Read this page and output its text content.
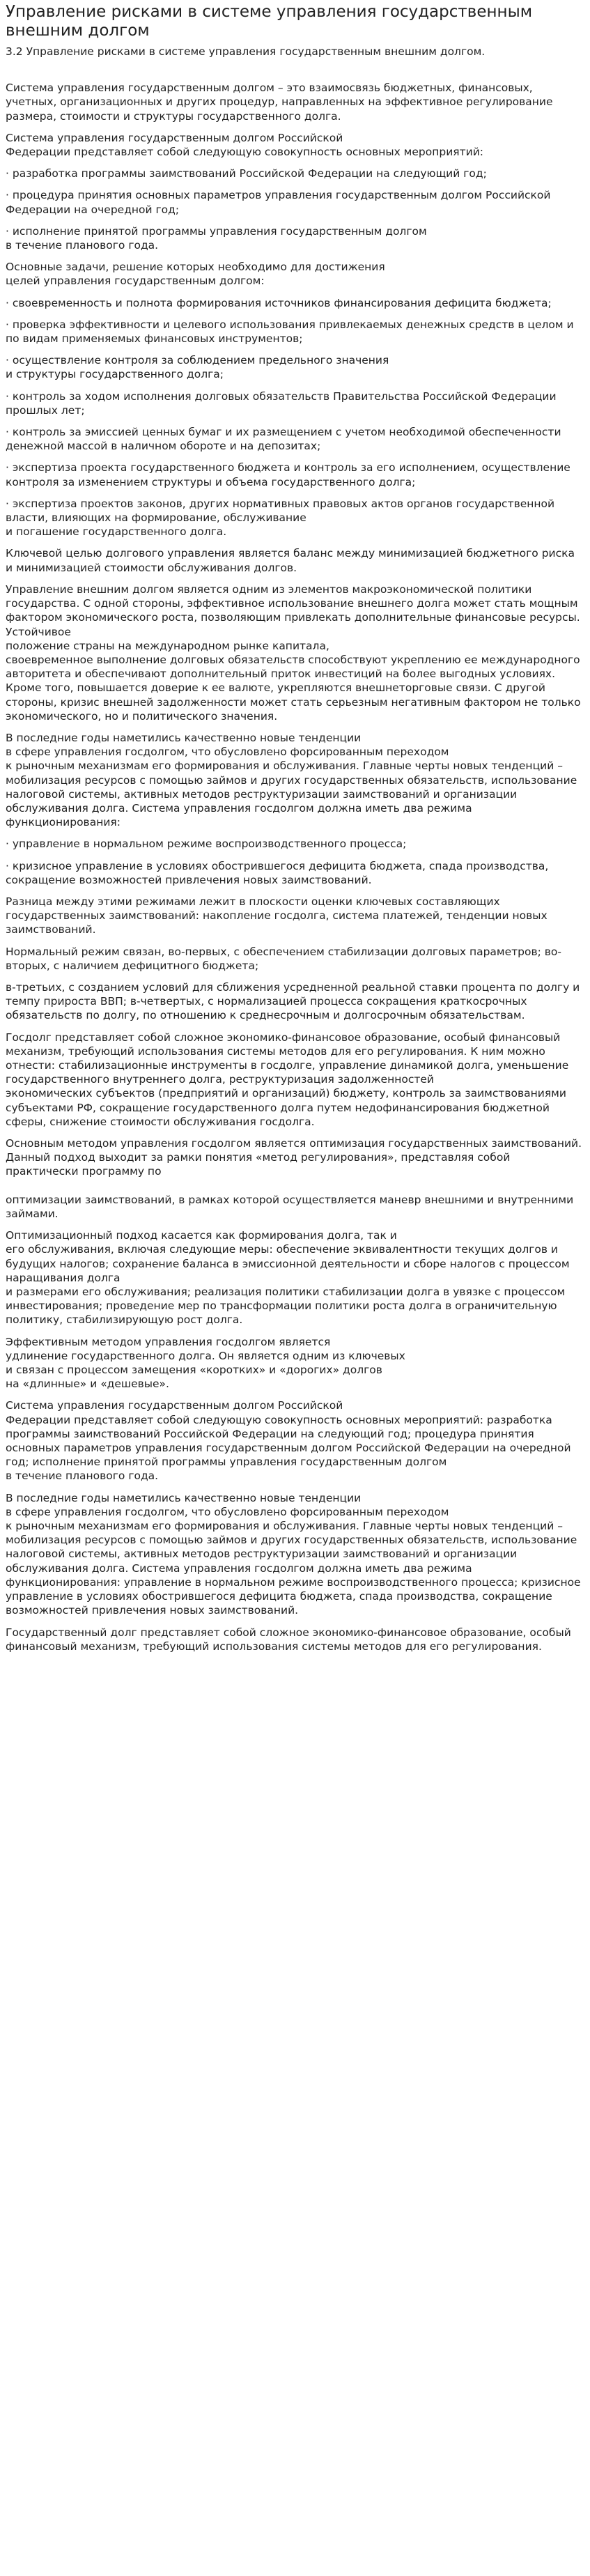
Управление рисками в системе управления государственным внешним долгом

3.2 Управление рисками в системе управления государственным внешним долгом.

Система управления государственным долгом – это взаимосвязь бюджетных, финансовых, учетных, организационных и других процедур, направленных на эффективное регулирование размера, стоимости и структуры государственного долга.

Система управления государственным долгом Российской
Федерации представляет собой следующую совокупность основных мероприятий:

· разработка программы заимствований Российской Федерации на следующий год;

· процедура принятия основных параметров управления государственным долгом Российской Федерации на очередной год;

· исполнение принятой программы управления государственным долгом
в течение планового года.

Основные задачи, решение которых необходимо для достижения
целей управления государственным долгом:

· своевременность и полнота формирования источников финансирования дефицита бюджета;

· проверка эффективности и целевого использования привлекаемых денежных средств в целом и по видам применяемых финансовых инструментов;

· осуществление контроля за соблюдением предельного значения
и структуры государственного долга;

· контроль за ходом исполнения долговых обязательств Правительства Российской Федерации прошлых лет;

· контроль за эмиссией ценных бумаг и их размещением с учетом необходимой обеспеченности денежной массой в наличном обороте и на депозитах;

· экспертиза проекта государственного бюджета и контроль за его исполнением, осуществление контроля за изменением структуры и объема государственного долга;

· экспертиза проектов законов, других нормативных правовых актов органов государственной власти, влияющих на формирование, обслуживание
и погашение государственного долга.

Ключевой целью долгового управления является баланс между минимизацией бюджетного риска и минимизацией стоимости обслуживания долгов.

Управление внешним долгом является одним из элементов макроэкономической политики государства. С одной стороны, эффективное использование внешнего долга может стать мощным фактором экономического роста, позволяющим привлекать дополнительные финансовые ресурсы. Устойчивое
положение страны на международном рынке капитала,
своевременное выполнение долговых обязательств способствуют укреплению ее международного авторитета и обеспечивают дополнительный приток инвестиций на более выгодных условиях. Кроме того, повышается доверие к ее валюте, укрепляются внешнеторговые связи. С другой стороны, кризис внешней задолженности может стать серьезным негативным фактором не только экономического, но и политического значения.

В последние годы наметились качественно новые тенденции
в сфере управления госдолгом, что обусловлено форсированным переходом
к рыночным механизмам его формирования и обслуживания. Главные черты новых тенденций – мобилизация ресурсов с помощью займов и других государственных обязательств, использование налоговой системы, активных методов реструктуризации заимствований и организации обслуживания долга. Система управления госдолгом должна иметь два режима функционирования:

· управление в нормальном режиме воспроизводственного процесса;

· кризисное управление в условиях обострившегося дефицита бюджета, спада производства, сокращение возможностей привлечения новых заимствований.

Разница между этими режимами лежит в плоскости оценки ключевых составляющих государственных заимствований: накопление госдолга, система платежей, тенденции новых заимствований.

Нормальный режим связан, во-первых, с обеспечением стабилизации долговых параметров; во-вторых, с наличием дефицитного бюджета;

в-третьих, с созданием условий для сближения усредненной реальной ставки процента по долгу и темпу прироста ВВП; в-четвертых, с нормализацией процесса сокращения краткосрочных обязательств по долгу, по отношению к среднесрочным и долгосрочным обязательствам.

Госдолг представляет собой сложное экономико-финансовое образование, особый финансовый механизм, требующий использования системы методов для его регулирования. К ним можно отнести: стабилизационные инструменты в госдолге, управление динамикой долга, уменьшение государственного внутреннего долга, реструктуризация задолженностей
экономических субъектов (предприятий и организаций) бюджету, контроль за заимствованиями субъектами РФ, сокращение государственного долга путем недофинансирования бюджетной сферы, снижение стоимости обслуживания госдолга.

Основным методом управления госдолгом является оптимизация государственных заимствований. Данный подход выходит за рамки понятия «метод регулирования», представляя собой практически программу по

оптимизации заимствований, в рамках которой осуществляется маневр внешними и внутренними займами.

Оптимизационный подход касается как формирования долга, так и
его обслуживания, включая следующие меры: обеспечение эквивалентности текущих долгов и будущих налогов; сохранение баланса в эмиссионной деятельности и сборе налогов с процессом наращивания долга
и размерами его обслуживания; реализация политики стабилизации долга в увязке с процессом инвестирования; проведение мер по трансформации политики роста долга в ограничительную политику, стабилизирующую рост долга.

Эффективным методом управления госдолгом является
удлинение государственного долга. Он является одним из ключевых
и связан с процессом замещения «коротких» и «дорогих» долгов
на «длинные» и «дешевые».

Система управления государственным долгом Российской
Федерации представляет собой следующую совокупность основных мероприятий: разработка программы заимствований Российской Федерации на следующий год; процедура принятия основных параметров управления государственным долгом Российской Федерации на очередной год; исполнение принятой программы управления государственным долгом
в течение планового года.

В последние годы наметились качественно новые тенденции
в сфере управления госдолгом, что обусловлено форсированным переходом
к рыночным механизмам его формирования и обслуживания. Главные черты новых тенденций – мобилизация ресурсов с помощью займов и других государственных обязательств, использование налоговой системы, активных методов реструктуризации заимствований и организации обслуживания долга. Система управления госдолгом должна иметь два режима функционирования: управление в нормальном режиме воспроизводственного процесса; кризисное управление в условиях обострившегося дефицита бюджета, спада производства, сокращение возможностей привлечения новых заимствований.

Государственный долг представляет собой сложное экономико-финансовое образование, особый финансовый механизм, требующий использования системы методов для его регулирования.
